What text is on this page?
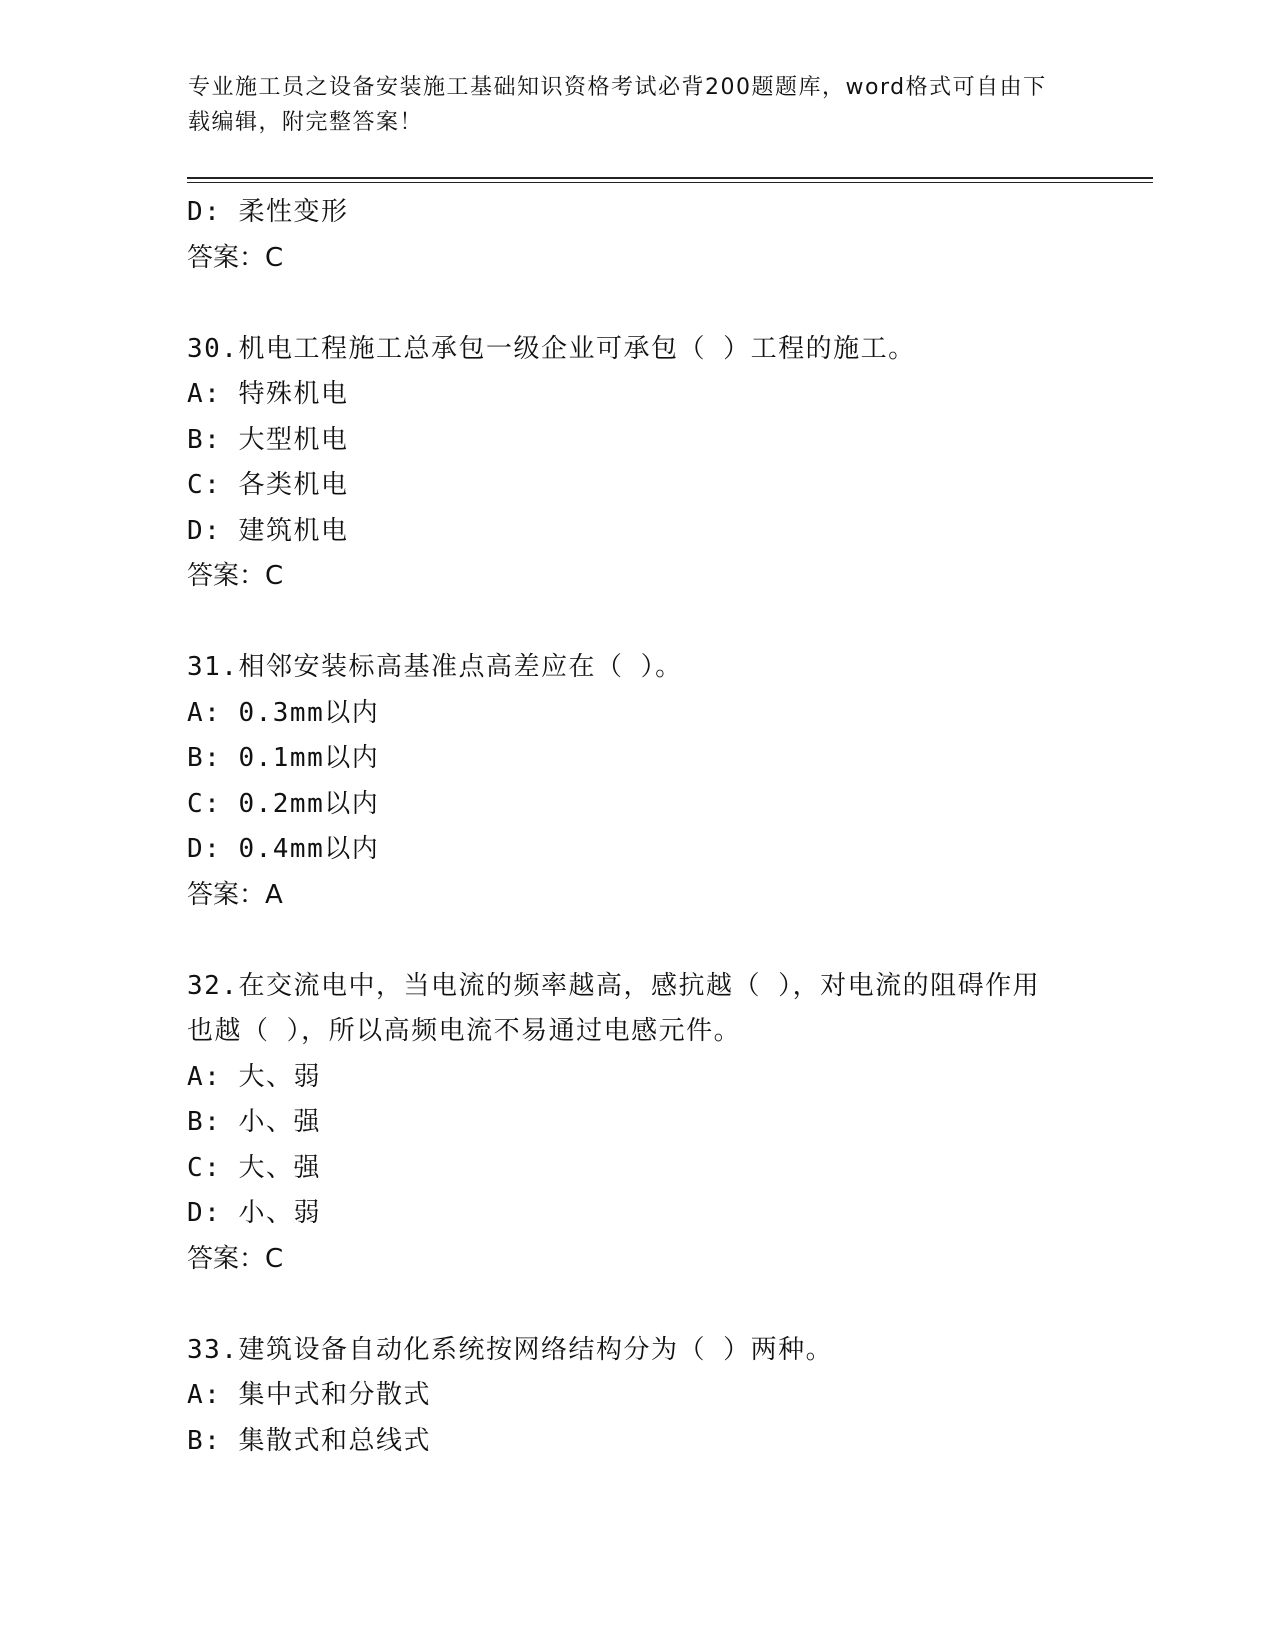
专业施工员之设备安装施工基础知识资格考试必背200题题库，word格式可自由下载编辑，附完整答案！
D: 柔性变形
答案：C
30.机电工程施工总承包一级企业可承包（ ）工程的施工。
A: 特殊机电
B: 大型机电
C: 各类机电
D: 建筑机电
答案：C
31.相邻安装标高基准点高差应在（ ）。
A: 0.3mm以内
B: 0.1mm以内
C: 0.2mm以内
D: 0.4mm以内
答案：A
32.在交流电中，当电流的频率越高，感抗越（ ），对电流的阻碍作用也越（ ），所以高频电流不易通过电感元件。
A: 大、弱
B: 小、强
C: 大、强
D: 小、弱
答案：C
33.建筑设备自动化系统按网络结构分为（ ）两种。
A: 集中式和分散式
B: 集散式和总线式
